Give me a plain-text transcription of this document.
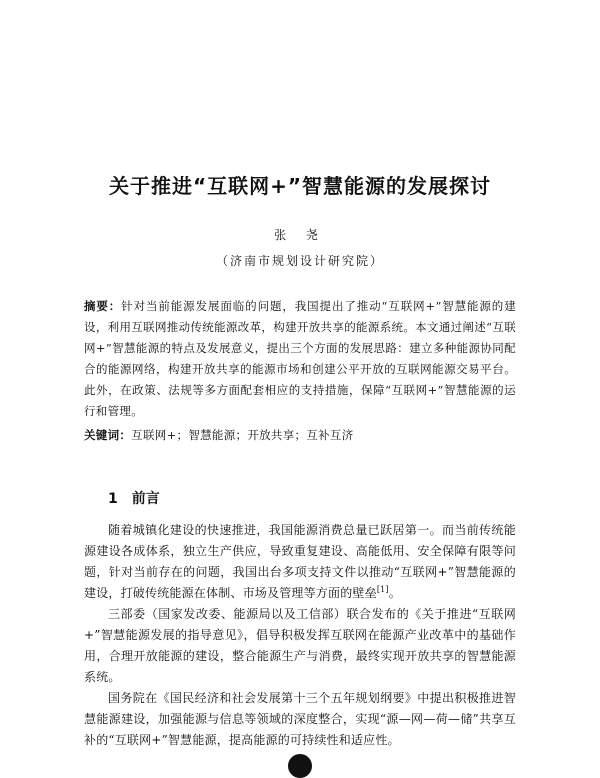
关于推进“互联网+”智慧能源的发展探讨
张 尧
（济南市规划设计研究院）
摘要：针对当前能源发展面临的问题，我国提出了推动“互联网+”智慧能源的建设，利用互联网推动传统能源改革，构建开放共享的能源系统。本文通过阐述“互联网+”智慧能源的特点及发展意义，提出三个方面的发展思路：建立多种能源协同配合的能源网络，构建开放共享的能源市场和创建公平开放的互联网能源交易平台。此外，在政策、法规等多方面配套相应的支持措施，保障“互联网+”智慧能源的运行和管理。
关键词：互联网+；智慧能源；开放共享；互补互济
1 前言

随着城镇化建设的快速推进，我国能源消费总量已跃居第一。而当前传统能源建设各成体系，独立生产供应，导致重复建设、高能低用、安全保障有限等问题，针对当前存在的问题，我国出台多项支持文件以推动“互联网+”智慧能源的建设，打破传统能源在体制、市场及管理等方面的壁垒[1]。

三部委（国家发改委、能源局以及工信部）联合发布的《关于推进“互联网+”智慧能源发展的指导意见》，倡导积极发挥互联网在能源产业改革中的基础作用，合理开放能源的建设，整合能源生产与消费，最终实现开放共享的智慧能源系统。

国务院在《国民经济和社会发展第十三个五年规划纲要》中提出积极推进智慧能源建设，加强能源与信息等领域的深度整合，实现“源—网—荷—储”共享互补的“互联网+”智慧能源，提高能源的可持续性和适应性。
